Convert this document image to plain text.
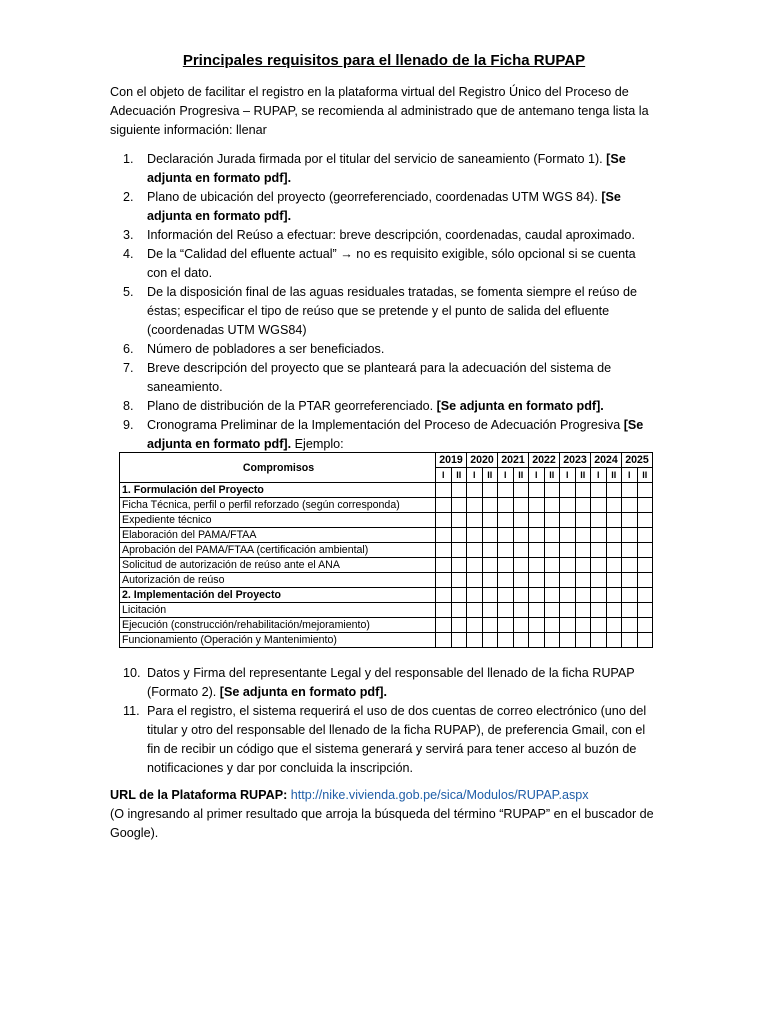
Principales requisitos para el llenado de la Ficha RUPAP
Con el objeto de facilitar el registro en la plataforma virtual del Registro Único del Proceso de Adecuación Progresiva – RUPAP, se recomienda al administrado que de antemano tenga lista la siguiente información: llenar
1. Declaración Jurada firmada por el titular del servicio de saneamiento (Formato 1). [Se adjunta en formato pdf].
2. Plano de ubicación del proyecto (georreferenciado, coordenadas UTM WGS 84). [Se adjunta en formato pdf].
3. Información del Reúso a efectuar: breve descripción, coordenadas, caudal aproximado.
4. De la “Calidad del efluente actual” → no es requisito exigible, sólo opcional si se cuenta con el dato.
5. De la disposición final de las aguas residuales tratadas, se fomenta siempre el reúso de éstas; especificar el tipo de reúso que se pretende y el punto de salida del efluente (coordenadas UTM WGS84)
6. Número de pobladores a ser beneficiados.
7. Breve descripción del proyecto que se planteará para la adecuación del sistema de saneamiento.
8. Plano de distribución de la PTAR georreferenciado. [Se adjunta en formato pdf].
9. Cronograma Preliminar de la Implementación del Proceso de Adecuación Progresiva [Se adjunta en formato pdf]. Ejemplo:
Compromisos	2019		2020		2021		2022		2023		2024		2025	
	I	II	I	II	I	II	I	II	I	II	I	II	I	II
1. Formulación del Proyecto														
Ficha Técnica, perfil o perfil reforzado (según corresponda)														
Expediente técnico														
Elaboración del PAMA/FTAA														
Aprobación del PAMA/FTAA (certificación ambiental)														
Solicitud de autorización de reúso ante el ANA														
Autorización de reúso														
2. Implementación del Proyecto														
Licitación														
Ejecución (construcción/rehabilitación/mejoramiento)														
Funcionamiento (Operación y Mantenimiento)														
10. Datos y Firma del representante Legal y del responsable del llenado de la ficha RUPAP (Formato 2). [Se adjunta en formato pdf].
11. Para el registro, el sistema requerirá el uso de dos cuentas de correo electrónico (uno del titular y otro del responsable del llenado de la ficha RUPAP), de preferencia Gmail, con el fin de recibir un código que el sistema generará y servirá para tener acceso al buzón de notificaciones y dar por concluida la inscripción.
URL de la Plataforma RUPAP: http://nike.vivienda.gob.pe/sica/Modulos/RUPAP.aspx
(O ingresando al primer resultado que arroja la búsqueda del término “RUPAP” en el buscador de Google).
